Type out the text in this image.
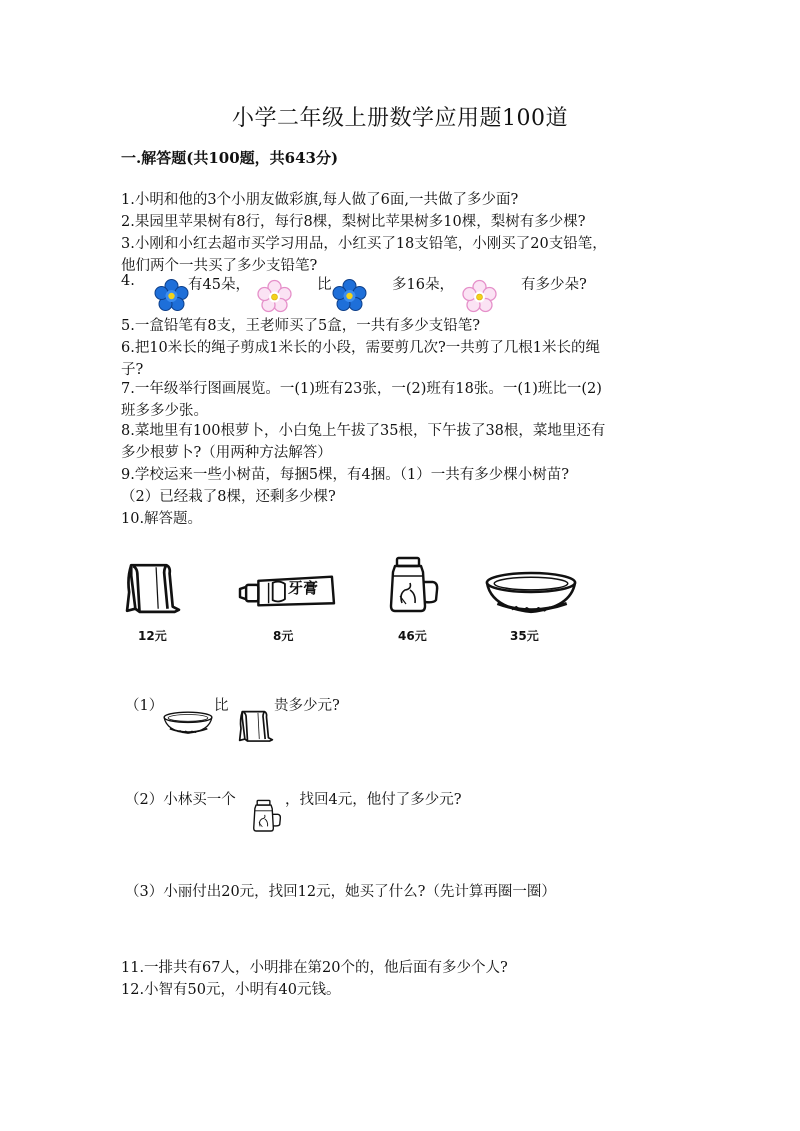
小学二年级上册数学应用题100道
一.解答题(共100题，共643分)
1.小明和他的3个小朋友做彩旗,每人做了6面,一共做了多少面?
2.果园里苹果树有8行，每行8棵，梨树比苹果树多10棵，梨树有多少棵?
3.小刚和小红去超市买学习用品，小红买了18支铅笔，小刚买了20支铅笔，
他们两个一共买了多少支铅笔?
4.	有45朵，	比	多16朵，	有多少朵?
5.一盒铅笔有8支，王老师买了5盒，一共有多少支铅笔?
6.把10米长的绳子剪成1米长的小段，需要剪几次?一共剪了几根1米长的绳
子?
7.一年级举行图画展览。一(1)班有23张，一(2)班有18张。一(1)班比一(2)
班多多少张。
8.菜地里有100根萝卜，小白兔上午拔了35根，下午拔了38根，菜地里还有
多少根萝卜?（用两种方法解答）
9.学校运来一些小树苗，每捆5棵，有4捆。（1）一共有多少棵小树苗?
（2）已经栽了8棵，还剩多少棵?
10.解答题。
12元
牙膏
8元	46元	35元
（1）	比	贵多少元?
（2）小林买一个	，找回4元，他付了多少元?
（3）小丽付出20元，找回12元，她买了什么?（先计算再圈一圈）
11.一排共有67人，小明排在第20个的，他后面有多少个人?
12.小智有50元，小明有40元钱。
